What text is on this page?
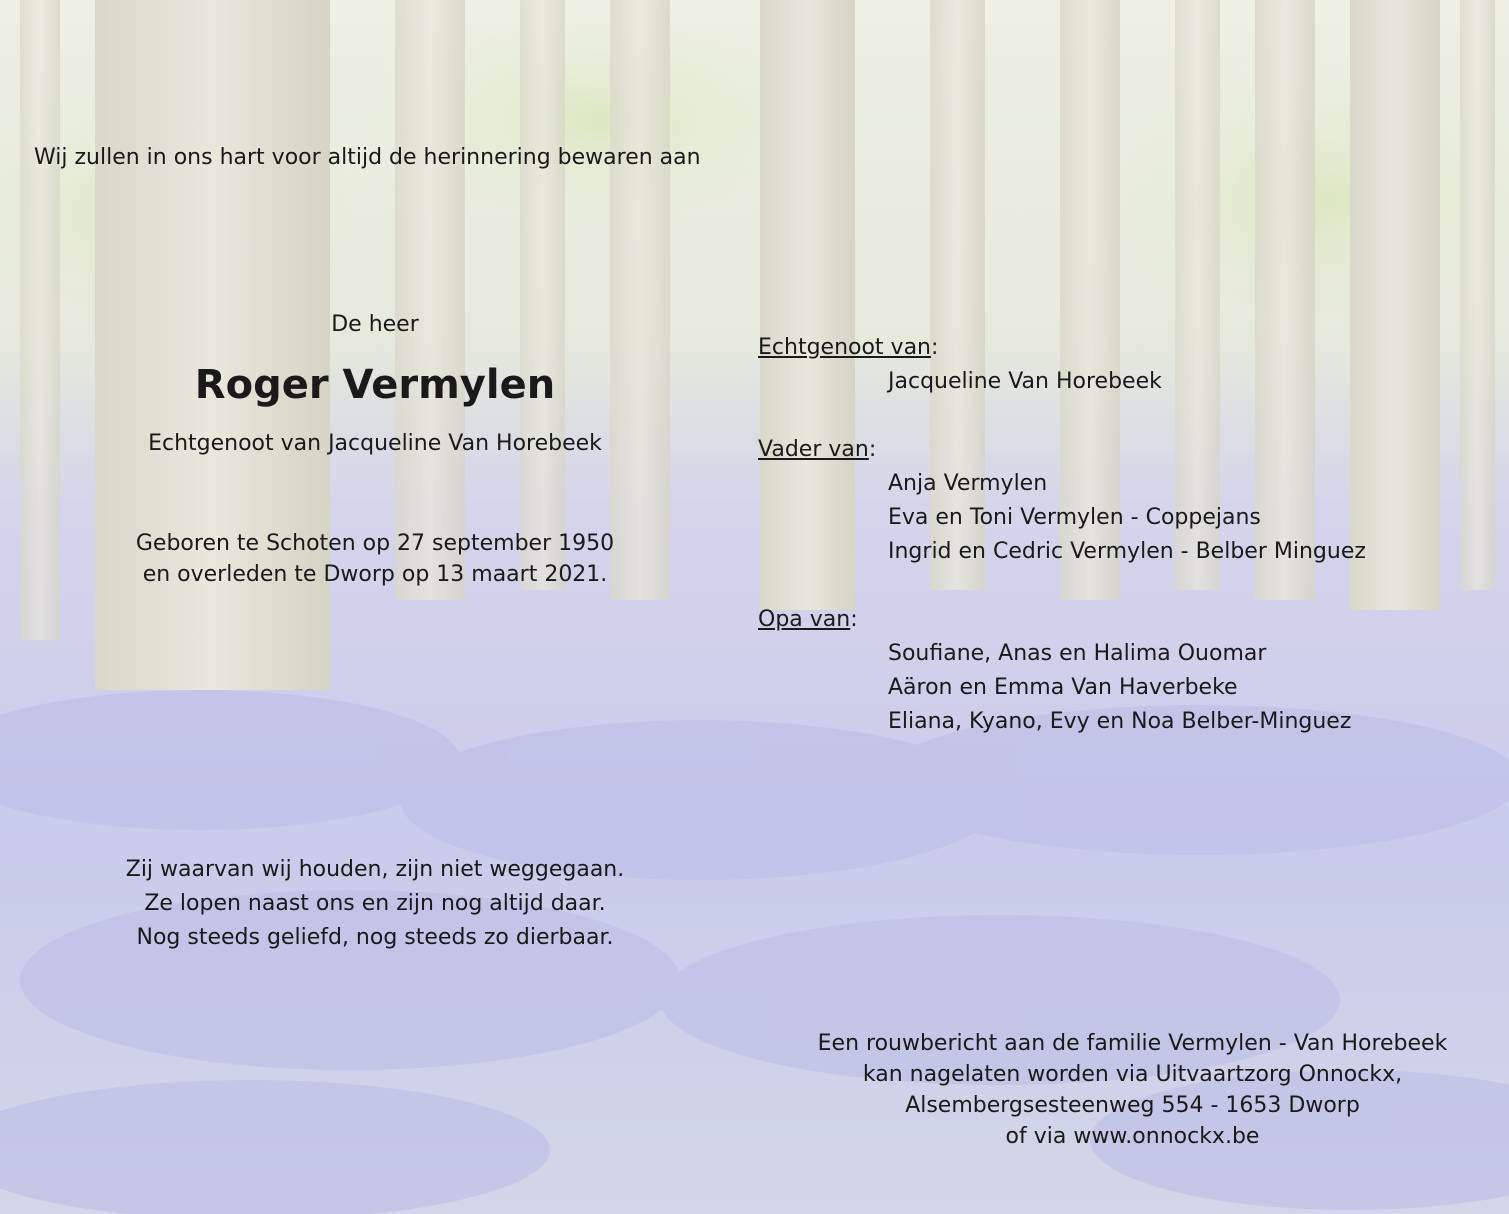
Wij zullen in ons hart voor altijd de herinnering bewaren aan

De heer

Roger Vermylen

Echtgenoot van Jacqueline Van Horebeek

Geboren te Schoten op 27 september 1950
en overleden te Dworp op 13 maart 2021.

Zij waarvan wij houden, zijn niet weggegaan.
Ze lopen naast ons en zijn nog altijd daar.
Nog steeds geliefd, nog steeds zo dierbaar.

Echtgenoot van:

Jacqueline Van Horebeek

Vader van:

Anja Vermylen
Eva en Toni Vermylen - Coppejans
Ingrid en Cedric Vermylen - Belber Minguez

Opa van:

Soufiane, Anas en Halima Ouomar
Aäron en Emma Van Haverbeke
Eliana, Kyano, Evy en Noa Belber-Minguez

Een rouwbericht aan de familie Vermylen - Van Horebeek
kan nagelaten worden via Uitvaartzorg Onnockx,
Alsembergsesteenweg 554 - 1653 Dworp
of via www.onnockx.be
